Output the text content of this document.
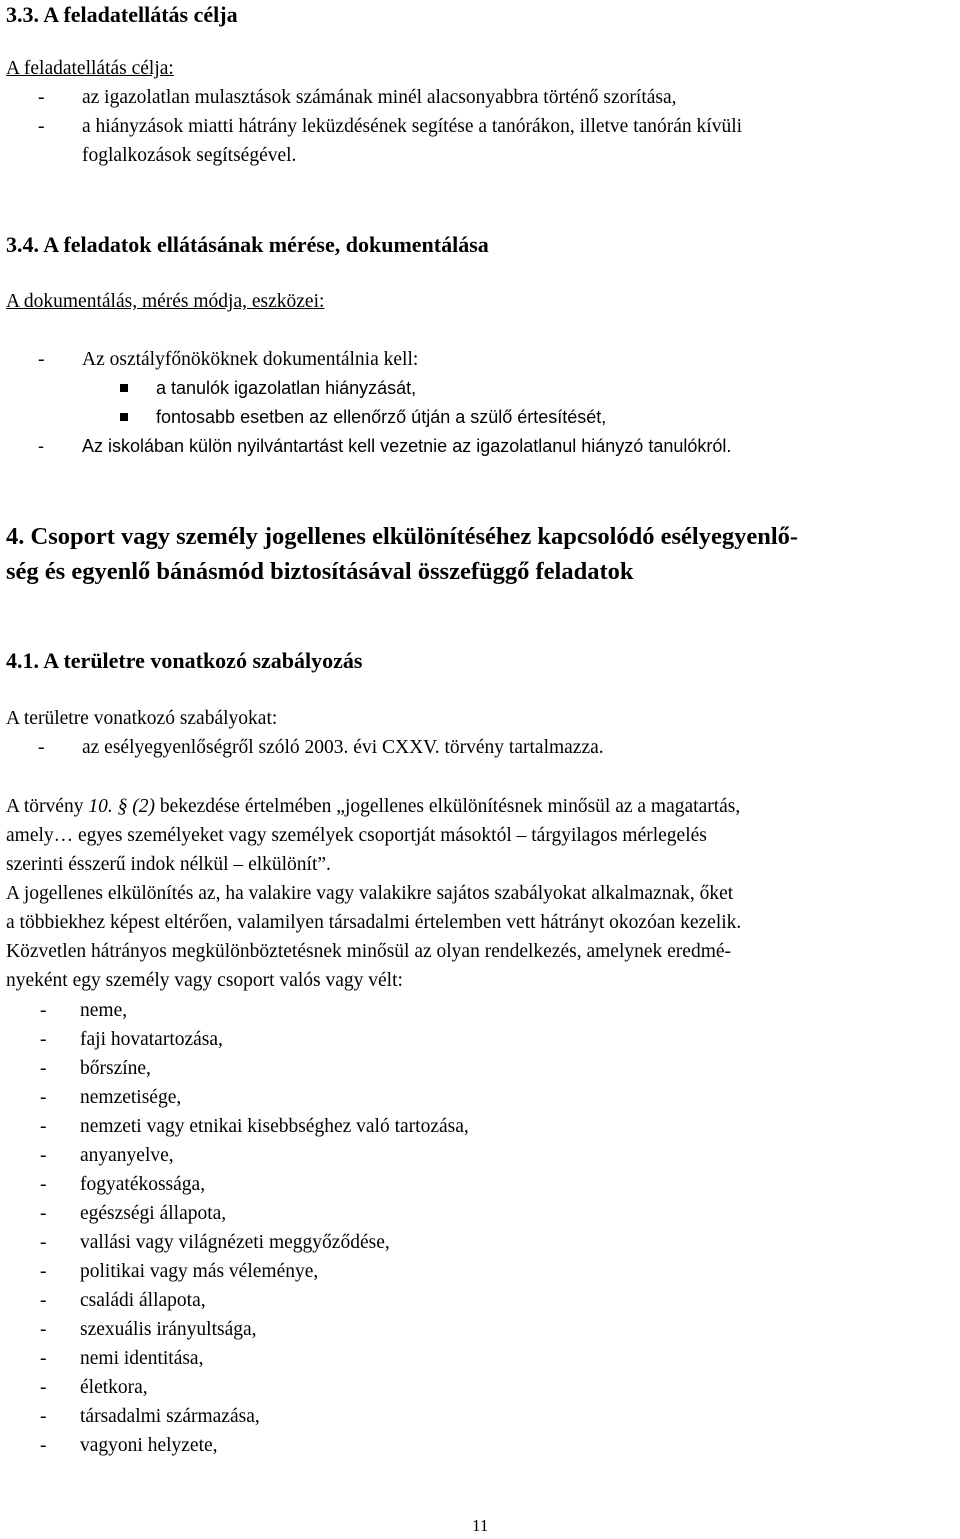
3.3. A feladatellátás célja
A feladatellátás célja:
- az igazolatlan mulasztások számának minél alacsonyabbra történő szorítása,
- a hiányzások miatti hátrány leküzdésének segítése a tanórákon, illetve tanórán kívüli
foglalkozások segítségével.
3.4. A feladatok ellátásának mérése, dokumentálása
A dokumentálás, mérés módja, eszközei:
- Az osztályfőnököknek dokumentálnia kell:
a tanulók igazolatlan hiányzását,
fontosabb esetben az ellenőrző útján a szülő értesítését,
- Az iskolában külön nyilvántartást kell vezetnie az igazolatlanul hiányzó tanulókról.
4. Csoport vagy személy jogellenes elkülönítéséhez kapcsolódó esélyegyenlő-
ség és egyenlő bánásmód biztosításával összefüggő feladatok
4.1. A területre vonatkozó szabályozás
A területre vonatkozó szabályokat:
- az esélyegyenlőségről szóló 2003. évi CXXV. törvény tartalmazza.
A törvény 10. § (2) bekezdése értelmében „jogellenes elkülönítésnek minősül az a magatartás,
amely… egyes személyeket vagy személyek csoportját másoktól – tárgyilagos mérlegelés
szerinti ésszerű indok nélkül – elkülönít”.
A jogellenes elkülönítés az, ha valakire vagy valakikre sajátos szabályokat alkalmaznak, őket
a többiekhez képest eltérően, valamilyen társadalmi értelemben vett hátrányt okozóan kezelik.
Közvetlen hátrányos megkülönböztetésnek minősül az olyan rendelkezés, amelynek eredmé-
nyeként egy személy vagy csoport valós vagy vélt:
- neme,
- faji hovatartozása,
- bőrszíne,
- nemzetisége,
- nemzeti vagy etnikai kisebbséghez való tartozása,
- anyanyelve,
- fogyatékossága,
- egészségi állapota,
- vallási vagy világnézeti meggyőződése,
- politikai vagy más véleménye,
- családi állapota,
- szexuális irányultsága,
- nemi identitása,
- életkora,
- társadalmi származása,
- vagyoni helyzete,
11
